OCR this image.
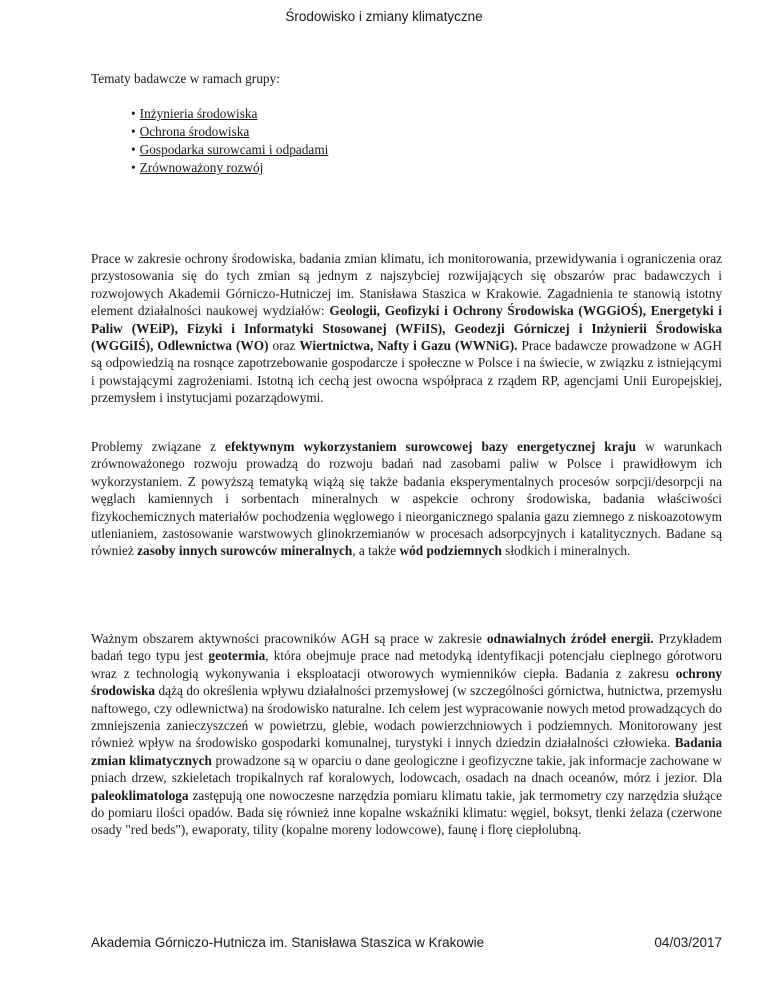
Środowisko i zmiany klimatyczne
Tematy badawcze w ramach grupy:
• Inżynieria środowiska
• Ochrona środowiska
• Gospodarka surowcami i odpadami
• Zrównoważony rozwój

Prace w zakresie ochrony środowiska, badania zmian klimatu, ich monitorowania, przewidywania i ograniczenia oraz przystosowania się do tych zmian są jednym z najszybciej rozwijających się obszarów prac badawczych i rozwojowych Akademii Górniczo-Hutniczej im. Stanisława Staszica w Krakowie. Zagadnienia te stanowią istotny element działalności naukowej wydziałów: Geologii, Geofizyki i Ochrony Środowiska (WGGiOŚ), Energetyki i Paliw (WEiP), Fizyki i Informatyki Stosowanej (WFiIS), Geodezji Górniczej i Inżynierii Środowiska (WGGiIŚ), Odlewnictwa (WO) oraz Wiertnictwa, Nafty i Gazu (WWNiG). Prace badawcze prowadzone w AGH są odpowiedzią na rosnące zapotrzebowanie gospodarcze i społeczne w Polsce i na świecie, w związku z istniejącymi i powstającymi zagrożeniami. Istotną ich cechą jest owocna współpraca z rządem RP, agencjami Unii Europejskiej, przemysłem i instytucjami pozarządowymi.

Problemy związane z efektywnym wykorzystaniem surowcowej bazy energetycznej kraju w warunkach zrównoważonego rozwoju prowadzą do rozwoju badań nad zasobami paliw w Polsce i prawidłowym ich wykorzystaniem. Z powyższą tematyką wiążą się także badania eksperymentalnych procesów sorpcji/desorpcji na węglach kamiennych i sorbentach mineralnych w aspekcie ochrony środowiska, badania właściwości fizykochemicznych materiałów pochodzenia węglowego i nieorganicznego spalania gazu ziemnego z niskoazotowym utlenianiem, zastosowanie warstwowych glinokrzemianów w procesach adsorpcyjnych i katalitycznych. Badane są również zasoby innych surowców mineralnych, a także wód podziemnych słodkich i mineralnych.

Ważnym obszarem aktywności pracowników AGH są prace w zakresie odnawialnych źródeł energii. Przykładem badań tego typu jest geotermia, która obejmuje prace nad metodyką identyfikacji potencjału cieplnego górotworu wraz z technologią wykonywania i eksploatacji otworowych wymienników ciepła. Badania z zakresu ochrony środowiska dążą do określenia wpływu działalności przemysłowej (w szczególności górnictwa, hutnictwa, przemysłu naftowego, czy odlewnictwa) na środowisko naturalne. Ich celem jest wypracowanie nowych metod prowadzących do zmniejszenia zanieczyszczeń w powietrzu, glebie, wodach powierzchniowych i podziemnych. Monitorowany jest również wpływ na środowisko gospodarki komunalnej, turystyki i innych dziedzin działalności człowieka. Badania zmian klimatycznych prowadzone są w oparciu o dane geologiczne i geofizyczne takie, jak informacje zachowane w pniach drzew, szkieletach tropikalnych raf koralowych, lodowcach, osadach na dnach oceanów, mórz i jezior. Dla paleoklimatologa zastępują one nowoczesne narzędzia pomiaru klimatu takie, jak termometry czy narzędzia służące do pomiaru ilości opadów. Bada się również inne kopalne wskaźniki klimatu: węgiel, boksyt, tlenki żelaza (czerwone osady "red beds"), ewaporaty, tility (kopalne moreny lodowcowe), faunę i florę ciepłolubną.

Akademia Górniczo-Hutnicza im. Stanisława Staszica w Krakowie	04/03/2017
